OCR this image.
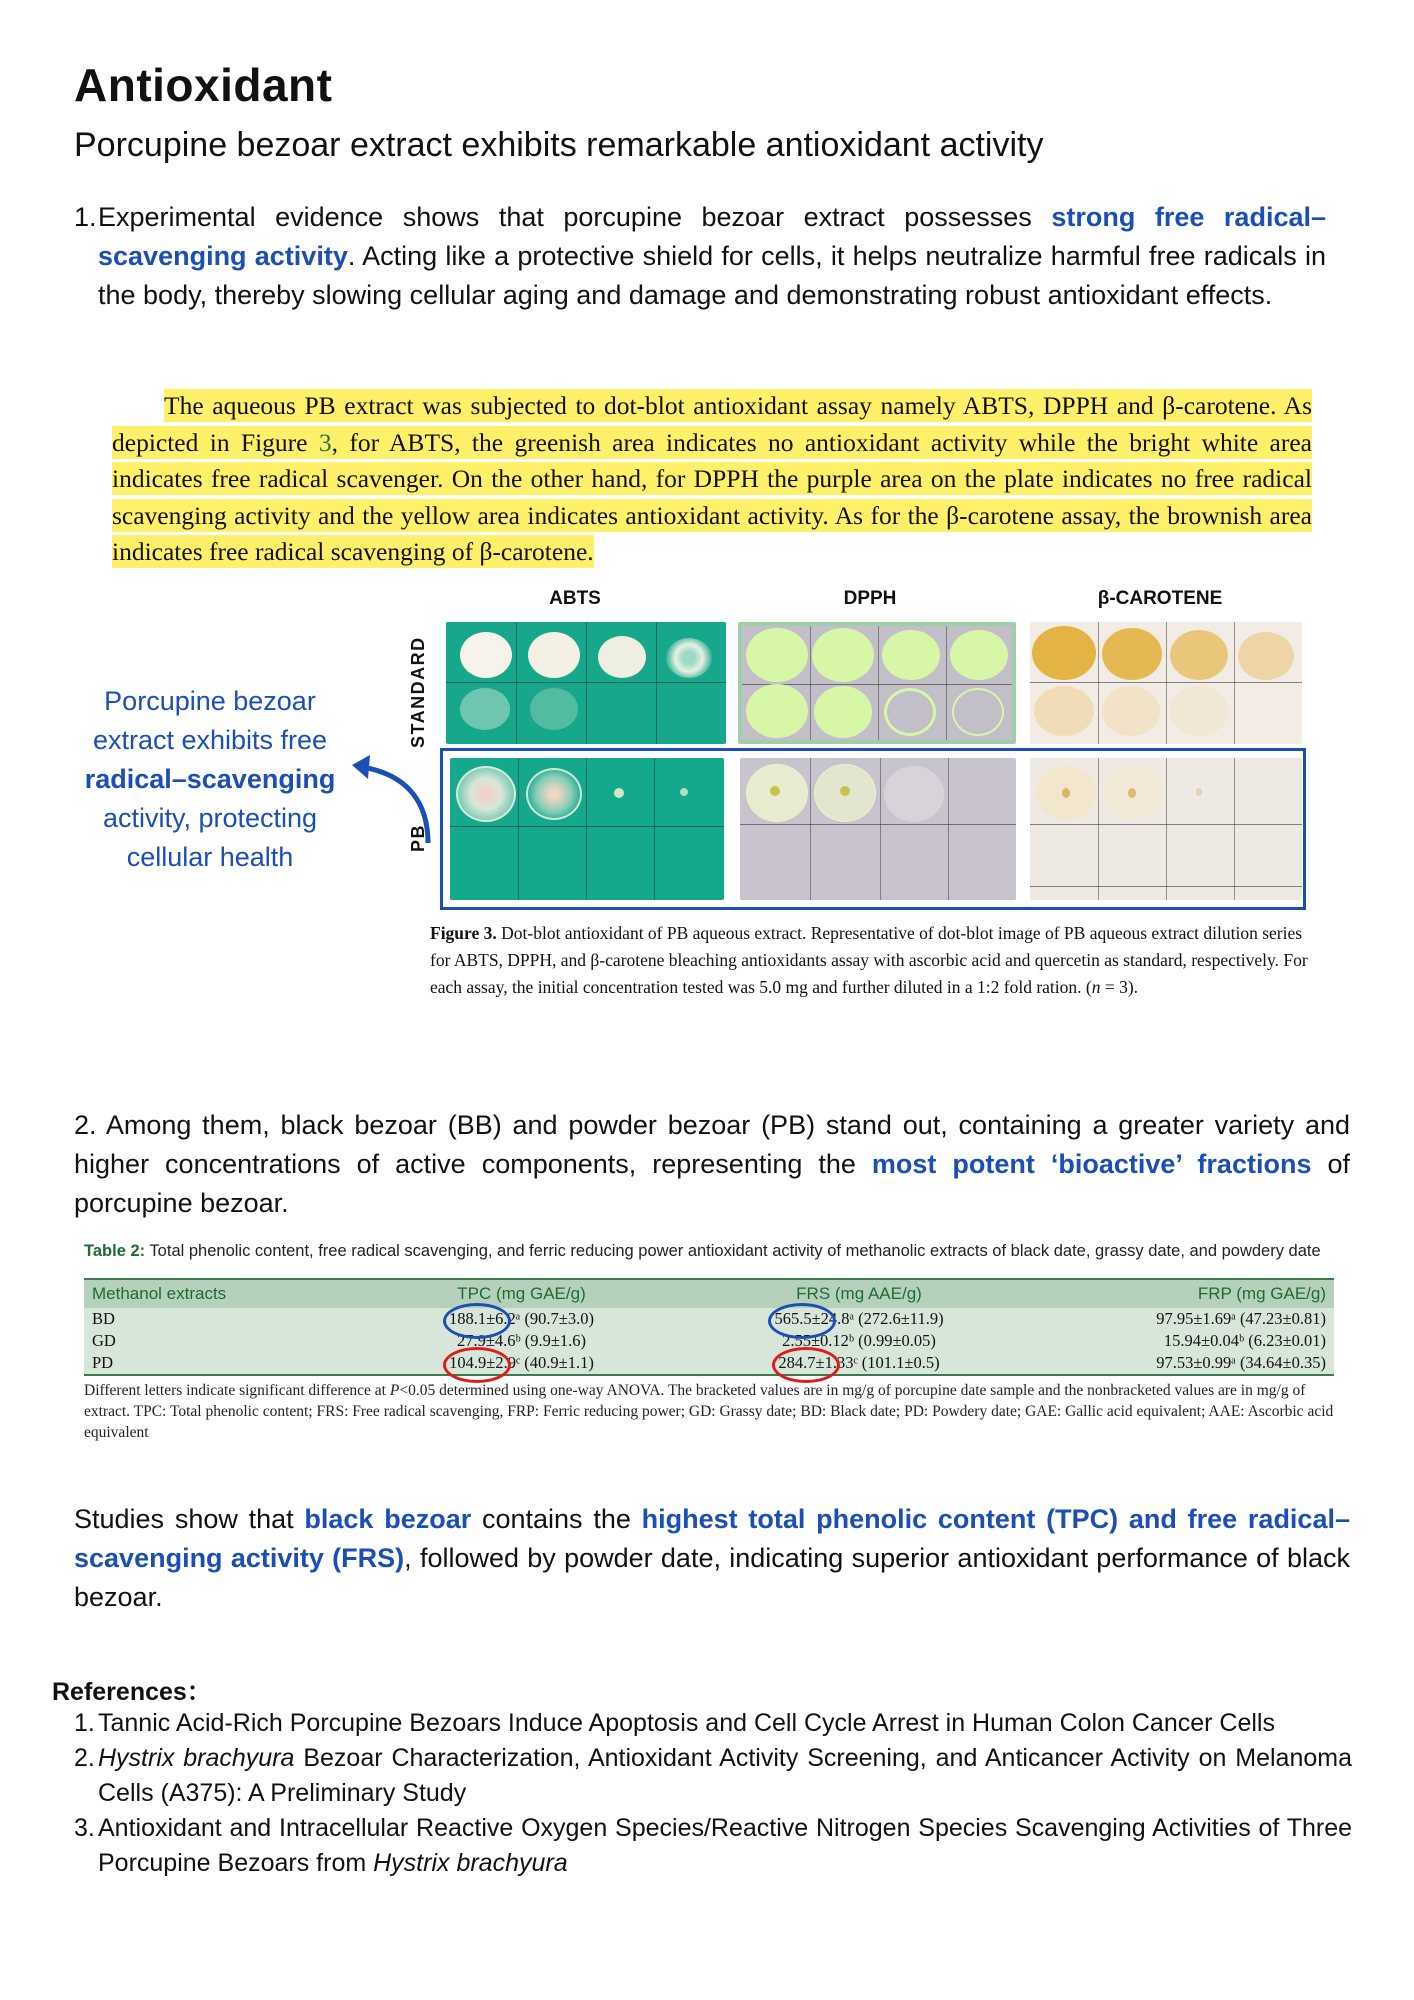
Antioxidant
Porcupine bezoar extract exhibits remarkable antioxidant activity
1. Experimental evidence shows that porcupine bezoar extract possesses strong free radical–scavenging activity. Acting like a protective shield for cells, it helps neutralize harmful free radicals in the body, thereby slowing cellular aging and damage and demonstrating robust antioxidant effects.
The aqueous PB extract was subjected to dot-blot antioxidant assay namely ABTS, DPPH and β-carotene. As depicted in Figure 3, for ABTS, the greenish area indicates no antioxidant activity while the bright white area indicates free radical scavenger. On the other hand, for DPPH the purple area on the plate indicates no free radical scavenging activity and the yellow area indicates antioxidant activity. As for the β-carotene assay, the brownish area indicates free radical scavenging of β-carotene.
Porcupine bezoar extract exhibits free
radical–scavenging
activity, protecting cellular health
ABTS	DPPH	β-CAROTENE
STANDARD
PB
Figure 3. Dot-blot antioxidant of PB aqueous extract. Representative of dot-blot image of PB aqueous extract dilution series for ABTS, DPPH, and β-carotene bleaching antioxidants assay with ascorbic acid and quercetin as standard, respectively. For each assay, the initial concentration tested was 5.0 mg and further diluted in a 1:2 fold ration. (n = 3).
2. Among them, black bezoar (BB) and powder bezoar (PB) stand out, containing a greater variety and higher concentrations of active components, representing the most potent ‘bioactive’ fractions of porcupine bezoar.
Table 2: Total phenolic content, free radical scavenging, and ferric reducing power antioxidant activity of methanolic extracts of black date, grassy date, and powdery date
Methanol extracts	TPC (mg GAE/g)	FRS (mg AAE/g)	FRP (mg GAE/g)
BD	188.1±6.2ᵃ (90.7±3.0)	565.5±24.8ᵃ (272.6±11.9)	97.95±1.69ᵃ (47.23±0.81)
GD	27.9±4.6ᵇ (9.9±1.6)	2.55±0.12ᵇ (0.99±0.05)	15.94±0.04ᵇ (6.23±0.01)
PD	104.9±2.9ᶜ (40.9±1.1)	284.7±1.33ᶜ (101.1±0.5)	97.53±0.99ᵃ (34.64±0.35)
Different letters indicate significant difference at P<0.05 determined using one-way ANOVA. The bracketed values are in mg/g of porcupine date sample and the nonbracketed values are in mg/g of extract. TPC: Total phenolic content; FRS: Free radical scavenging, FRP: Ferric reducing power; GD: Grassy date; BD: Black date; PD: Powdery date; GAE: Gallic acid equivalent; AAE: Ascorbic acid equivalent
Studies show that black bezoar contains the highest total phenolic content (TPC) and free radical–scavenging activity (FRS), followed by powder date, indicating superior antioxidant performance of black bezoar.
References：
1. Tannic Acid-Rich Porcupine Bezoars Induce Apoptosis and Cell Cycle Arrest in Human Colon Cancer Cells
2. Hystrix brachyura Bezoar Characterization, Antioxidant Activity Screening, and Anticancer Activity on Melanoma Cells (A375): A Preliminary Study
3. Antioxidant and Intracellular Reactive Oxygen Species/Reactive Nitrogen Species Scavenging Activities of Three Porcupine Bezoars from Hystrix brachyura
